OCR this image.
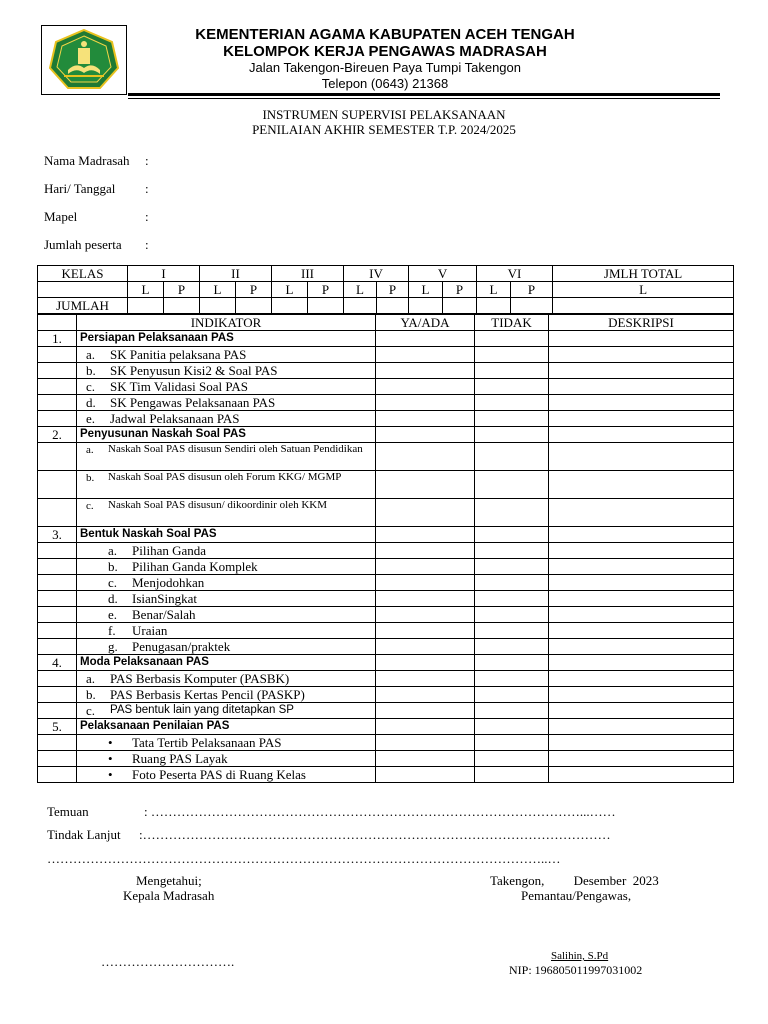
KEMENTERIAN AGAMA KABUPATEN ACEH TENGAH
KELOMPOK KERJA PENGAWAS MADRASAH
Jalan Takengon-Bireuen Paya Tumpi Takengon
Telepon (0643) 21368
INSTRUMEN SUPERVISI PELAKSANAAN
PENILAIAN AKHIR SEMESTER T.P. 2024/2025
Nama Madrasah :
Hari/ Tanggal :
Mapel	:
Jumlah peserta :
KELAS	I		II		III		IV		V		VI		JMLH TOTAL	
	L	P	L	P	L	P	L	P	L	P	L	P	L	
JUMLAH														
	INDIKATOR	YA/ADA	TIDAK	DESKRIPSI
1.	Persiapan Pelaksanaan PAS			

	a. SK Panitia pelaksana PAS			

	b. SK Penyusun Kisi2 & Soal PAS			

	c. SK Tim Validasi Soal PAS			

	d. SK Pengawas Pelaksanaan PAS			

	e. Jadwal Pelaksanaan PAS			

2.	Penyusunan Naskah Soal PAS			

	a. Naskah Soal PAS disusun Sendiri oleh Satuan Pendidikan			

	b. Naskah Soal PAS disusun oleh Forum KKG/ MGMP			

	c. Naskah Soal PAS disusun/ dikoordinir oleh KKM			

3.	Bentuk Naskah Soal PAS			

	a. Pilihan Ganda			

	b. Pilihan Ganda Komplek			

	c. Menjodohkan			

	d. IsianSingkat			

	e. Benar/Salah			

	f. Uraian			

	g. Penugasan/praktek			

4.	Moda Pelaksanaan PAS			

	a. PAS Berbasis Komputer (PASBK)			

	b. PAS Berbasis Kertas Pencil (PASKP)			

	c. PAS bentuk lain yang ditetapkan SP			

5.	Pelaksanaan Penilaian PAS			

	• Tata Tertib Pelaksanaan PAS			

	• Ruang PAS Layak			

	• Foto Peserta PAS di Ruang Kelas			

Temuan	: ………………………………………………………………………………………...……
Tindak Lanjut :………………………………………………………………………………………………
……………………………………………………………………………………………………..…
Mengetahui;
Kepala Madrasah
Takengon,         Desember  2023
Pemantau/Pengawas,
………………………….	Salihin, S.Pd
NIP: 196805011997031002
